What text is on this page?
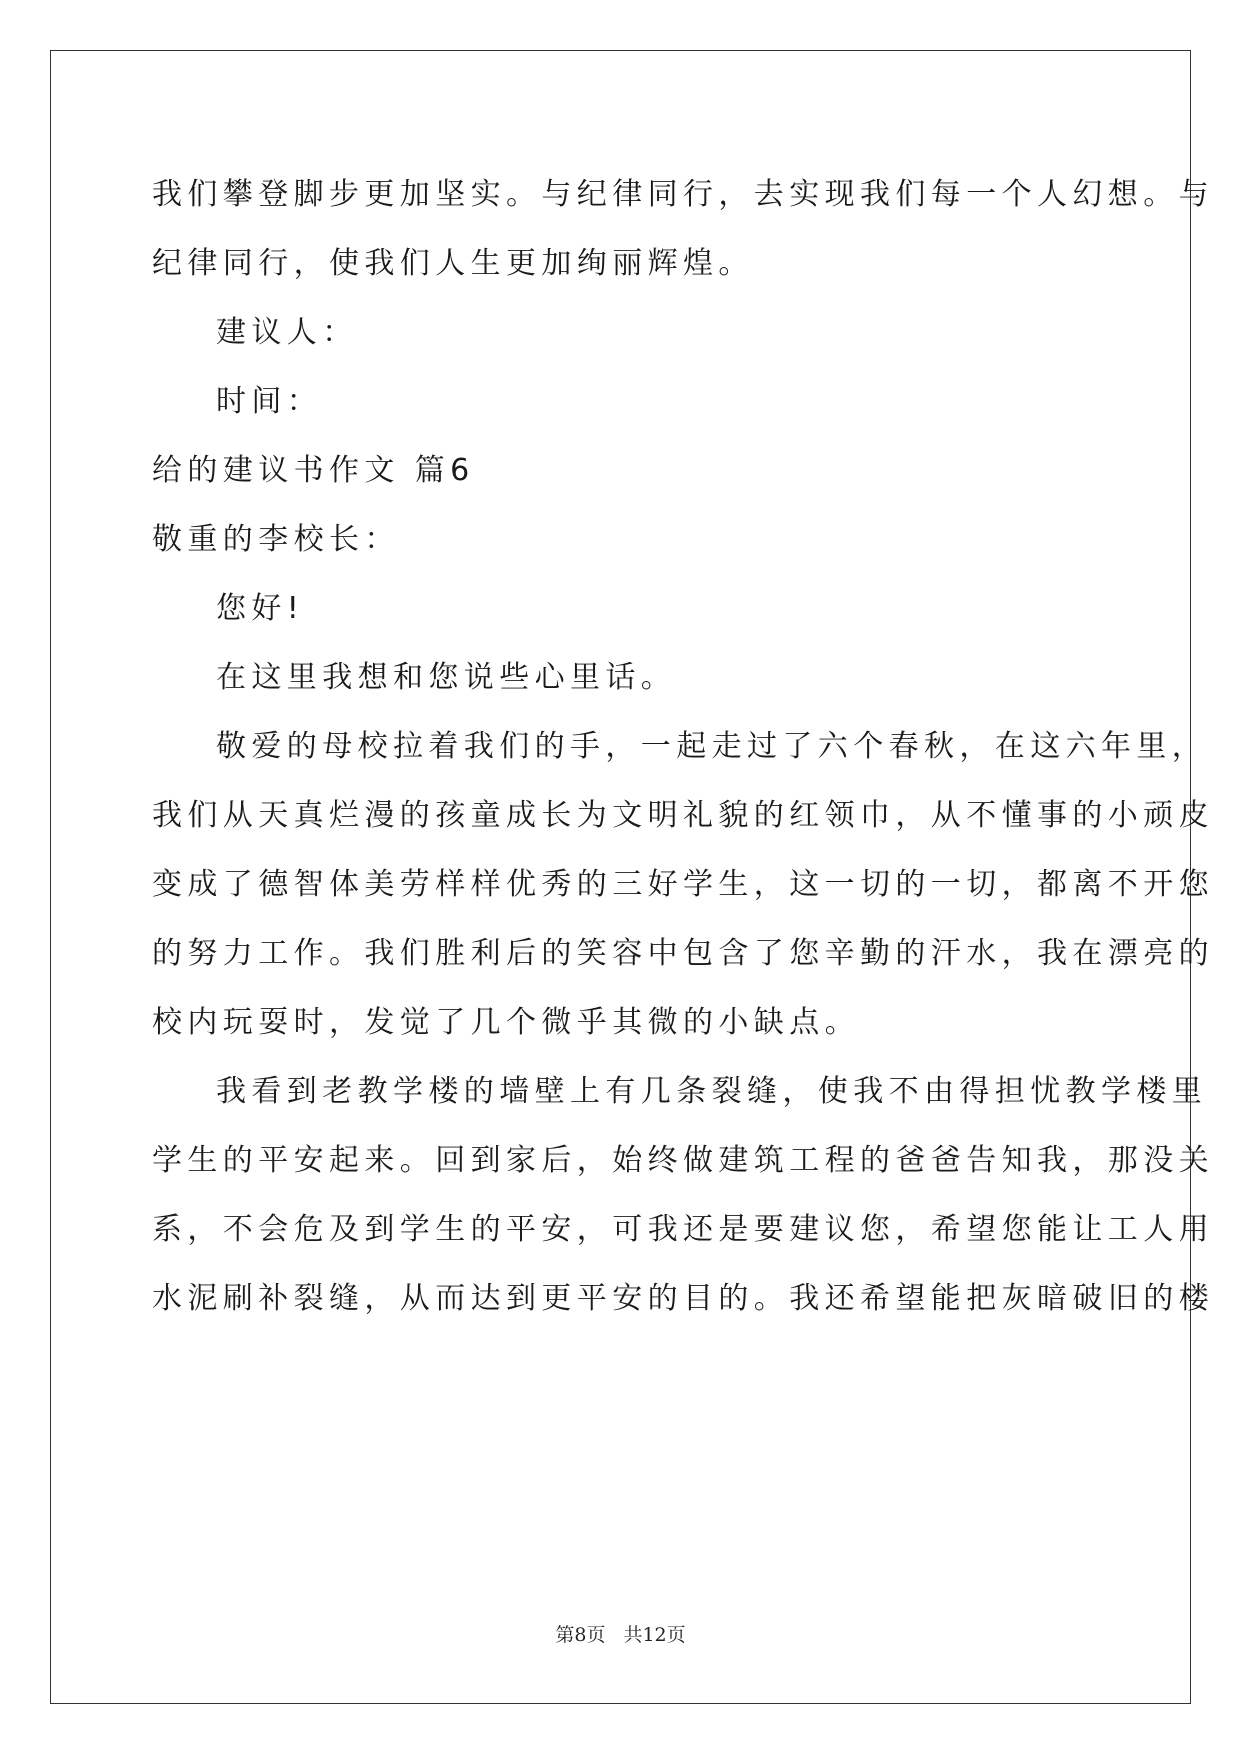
我们攀登脚步更加坚实。与纪律同行，去实现我们每一个人幻想。与
纪律同行，使我们人生更加绚丽辉煌。
建议人：
时间：
给的建议书作文 篇6
敬重的李校长：
您好!
在这里我想和您说些心里话。
敬爱的母校拉着我们的手，一起走过了六个春秋，在这六年里，
我们从天真烂漫的孩童成长为文明礼貌的红领巾，从不懂事的小顽皮
变成了德智体美劳样样优秀的三好学生，这一切的一切，都离不开您
的努力工作。我们胜利后的笑容中包含了您辛勤的汗水，我在漂亮的
校内玩耍时，发觉了几个微乎其微的小缺点。
我看到老教学楼的墙壁上有几条裂缝，使我不由得担忧教学楼里
学生的平安起来。回到家后，始终做建筑工程的爸爸告知我，那没关
系，不会危及到学生的平安，可我还是要建议您，希望您能让工人用
水泥刷补裂缝，从而达到更平安的目的。我还希望能把灰暗破旧的楼
第8页 共12页
